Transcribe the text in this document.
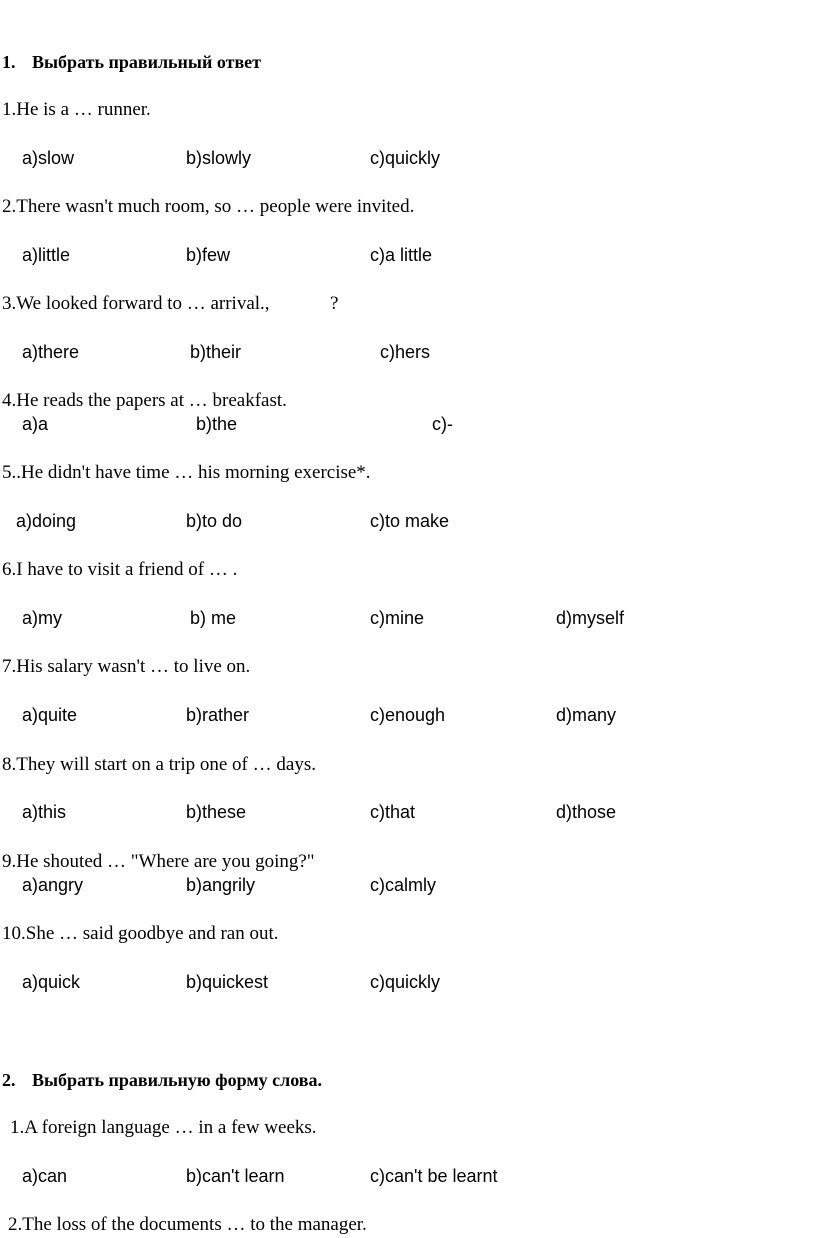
1. Выбрать правильный ответ
1.He is a … runner.
a)slow	b)slowly	c)quickly
2.There wasn't much room, so … people were invited.
a)little	b)few	c)a little
3.We looked forward to … arrival.,	?
a)there	b)their	c)hers
4.He reads the papers at … breakfast.
a)a	b)the	c)-
5..He didn't have time … his morning exercise*.
a)doing	b)to do	c)to make
6.I have to visit a friend of … .
a)my	b) me	c)mine	d)myself
7.His salary wasn't … to live on.
a)quite	b)rather	c)enough	d)many
8.They will start on a trip one of … days.
a)this	b)these	c)that	d)those
9.He shouted … "Where are you going?"
a)angry	b)angrily	c)calmly
10.She … said goodbye and ran out.
a)quick	b)quickest	c)quickly
2. Выбрать правильную форму слова.
1.A foreign language … in a few weeks.
a)can	b)can't learn	c)can't be learnt
2.The loss of the documents … to the manager.
